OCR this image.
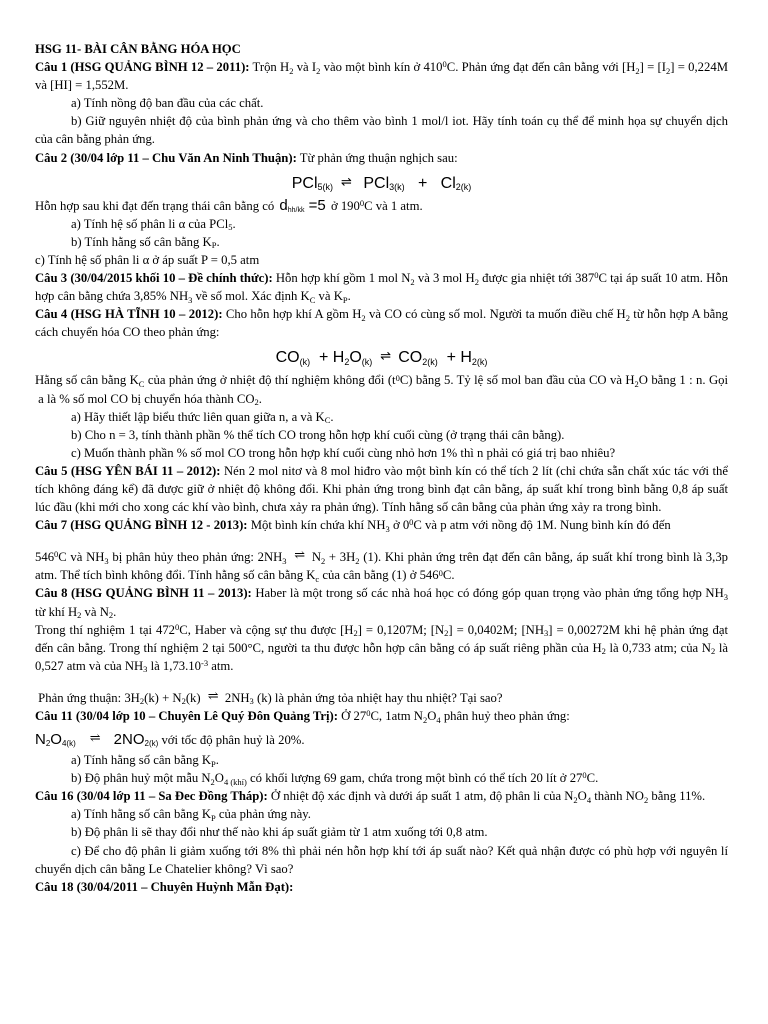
HSG 11- BÀI CÂN BẰNG HÓA HỌC
Câu 1 (HSG QUẢNG BÌNH 12 – 2011): Trộn $H_2$ và $I_2$ vào một bình kín ở $410^0C$. Phản ứng đạt đến cân bằng với $[H_2] = [I_2] = 0,224M$ và [HI] = 1,552M.
a) Tính nồng độ ban đầu của các chất.
b) Giữ nguyên nhiệt độ của bình phản ứng và cho thêm vào bình 1 mol/l iot. Hãy tính toán cụ thể để minh họa sự chuyển dịch của cân bằng phản ứng.
Câu 2 (30/04 lớp 11 – Chu Văn An Ninh Thuận): Từ phản ứng thuận nghịch sau:
PCl$_{5(k)}$ ⇌ $PCl_{3(k)} + Cl_{2(k)}$
Hỗn hợp sau khi đạt đến trạng thái cân bằng có $d_{hh/kk} =5$ ở $190^0C$ và 1 atm.
a) Tính hệ số phân li α của PCl$_5$.
b) Tính hằng số cân bằng $K_P$.
c) Tính hệ số phân li α ở áp suất P = 0,5 atm
Câu 3 (30/04/2015 khối 10 – Đề chính thức): Hỗn hợp khí gồm 1 mol $N_2$ và 3 mol $H_2$ được gia nhiệt tới $387^0C$ tại áp suất 10 atm. Hỗn hợp cân bằng chứa 3,85% $NH_3$ về số mol. Xác định $K_C$ và $K_P$.
Câu 4 (HSG HÀ TĨNH 10 – 2012): Cho hỗn hợp khí A gồm $H_2$ và CO có cùng số mol. Người ta muốn điều chế $H_2$ từ hỗn hợp A bằng cách chuyển hóa CO theo phản ứng:
$CO_{(k)} + H_2O_{(k)}$ ⇌ $CO_{2(k)} + H_{2(k)}$
Hằng số cân bằng $K_C$ của phản ứng ở nhiệt độ thí nghiệm không đổi $(t^0C)$ bằng 5. Tỷ lệ số mol ban đầu của CO và $H_2O$ bằng 1 : n. Gọi  a là % số mol CO bị chuyển hóa thành $CO_2$.
a) Hãy thiết lập biểu thức liên quan giữa n, a và $K_C$.
b) Cho n = 3, tính thành phần % thể tích CO trong hỗn hợp khí cuối cùng (ở trạng thái cân bằng).
c) Muốn thành phần % số mol CO trong hỗn hợp khí cuối cùng nhỏ hơn 1% thì n phải có giá trị bao nhiêu?
Câu 5 (HSG YÊN BÁI 11 – 2012): Nén 2 mol nitơ và 8 mol hiđro vào một bình kín có thể tích 2 lít (chỉ chứa sẵn chất xúc tác với thể tích không đáng kể) đã được giữ ở nhiệt độ không đổi. Khi phản ứng trong bình đạt cân bằng, áp suất khí trong bình bằng 0,8 áp suất lúc đầu (khi mới cho xong các khí vào bình, chưa xảy ra phản ứng). Tính hằng số cân bằng của phản ứng xảy ra trong bình.
Câu 7 (HSG QUẢNG BÌNH 12 - 2013): Một bình kín chứa khí $NH_3$ ở $0^0C$ và p atm với nồng độ 1M. Nung bình kín đó đến
$546^0C$ và $NH_3$ bị phân hủy theo phản ứng: $2NH_3$ ⇌ $N_2 + 3H_2$ (1). Khi phản ứng trên đạt đến cân bằng, áp suất khí trong bình là 3,3p atm. Thể tích bình không đổi. Tính hằng số cân bằng $K_c$ của cân bằng (1) ở $546^0C$.
Câu 8 (HSG QUẢNG BÌNH 11 – 2013): Haber là một trong số các nhà hoá học có đóng góp quan trọng vào phản ứng tổng hợp $NH_3$ từ khí $H_2$ và $N_2$.
Trong thí nghiệm 1 tại $472^0C$, Haber và cộng sự thu được $[H_2] = 0,1207M$; $[N_2] = 0,0402M$; $[NH_3] = 0,00272M$ khi hệ phản ứng đạt đến cân bằng. Trong thí nghiệm 2 tại 500°C, người ta thu được hỗn hợp cân bằng có áp suất riêng phần của $H_2$ là 0,733 atm; của $N_2$ là 0,527 atm và của $NH_3$ là $1,73.10^{-3}$ atm.
Phản ứng thuận: $3H_2(k) + N_2(k)$ ⇌ $2NH_3$ (k) là phản ứng tỏa nhiệt hay thu nhiệt? Tại sao?
Câu 11 (30/04 lớp 10 – Chuyên Lê Quý Đôn Quảng Trị): Ở $27^0C$, 1atm $N_2O_4$ phân huỷ theo phản ứng:
$N_2O_{4(k)}$ ⇌ $2NO_{2(k)}$ với tốc độ phân huỷ là 20%.
a) Tính hằng số cân bằng $K_P$.
b) Độ phân huỷ một mẫu $N_2O_{4 (khí)}$ có khối lượng 69 gam, chứa trong một bình có thể tích 20 lít ở $27^0C$.
Câu 16 (30/04 lớp 11 – Sa Đec Đồng Tháp): Ở nhiệt độ xác định và dưới áp suất 1 atm, độ phân li của $N_2O_4$ thành $NO_2$ bằng 11%.
a) Tính hằng số cân bằng $K_P$ của phản ứng này.
b) Độ phân li sẽ thay đổi như thế nào khi áp suất giảm từ 1 atm xuống tới 0,8 atm.
c) Để cho độ phân li giảm xuống tới 8% thì phải nén hỗn hợp khí tới áp suất nào? Kết quả nhận được có phù hợp với nguyên lí chuyển dịch cân bằng Le Chatelier không? Vì sao?
Câu 18 (30/04/2011 – Chuyên Huỳnh Mẫn Đạt):
